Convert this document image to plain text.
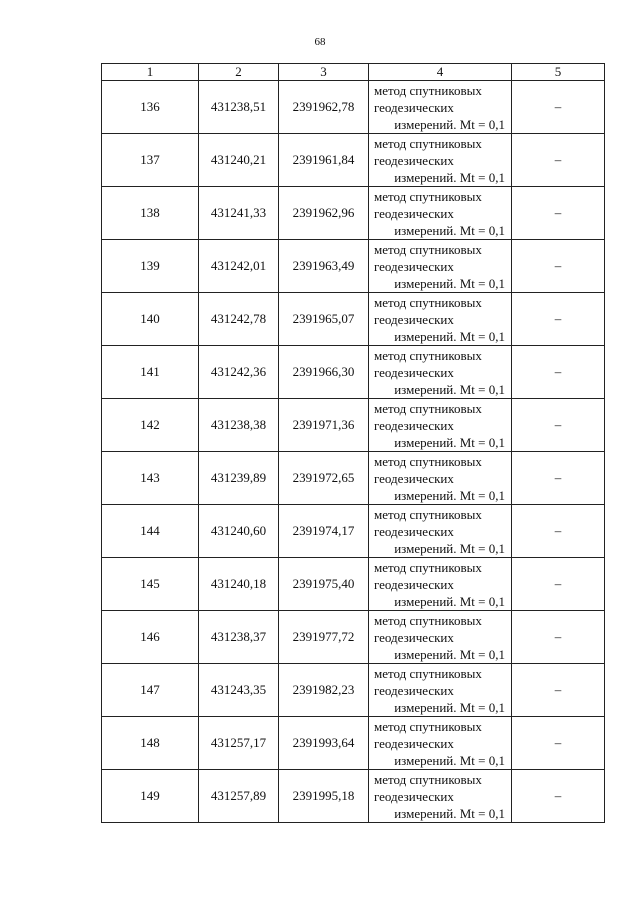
68
1	2	3	4	5
136	431238,51	2391962,78	метод спутниковых
геодезических
измерений. Mt = 0,1	–
137	431240,21	2391961,84	метод спутниковых
геодезических
измерений. Mt = 0,1	–
138	431241,33	2391962,96	метод спутниковых
геодезических
измерений. Mt = 0,1	–
139	431242,01	2391963,49	метод спутниковых
геодезических
измерений. Mt = 0,1	–
140	431242,78	2391965,07	метод спутниковых
геодезических
измерений. Mt = 0,1	–
141	431242,36	2391966,30	метод спутниковых
геодезических
измерений. Mt = 0,1	–
142	431238,38	2391971,36	метод спутниковых
геодезических
измерений. Mt = 0,1	–
143	431239,89	2391972,65	метод спутниковых
геодезических
измерений. Mt = 0,1	–
144	431240,60	2391974,17	метод спутниковых
геодезических
измерений. Mt = 0,1	–
145	431240,18	2391975,40	метод спутниковых
геодезических
измерений. Mt = 0,1	–
146	431238,37	2391977,72	метод спутниковых
геодезических
измерений. Mt = 0,1	–
147	431243,35	2391982,23	метод спутниковых
геодезических
измерений. Mt = 0,1	–
148	431257,17	2391993,64	метод спутниковых
геодезических
измерений. Mt = 0,1	–
149	431257,89	2391995,18	метод спутниковых
геодезических
измерений. Mt = 0,1	–
